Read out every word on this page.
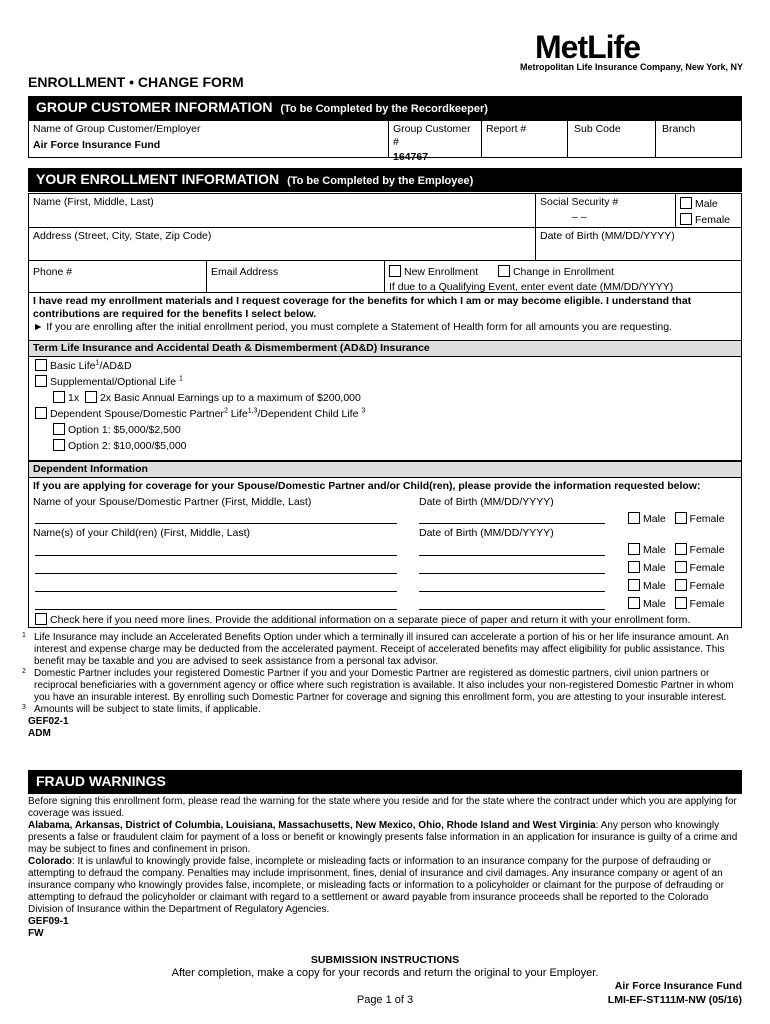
MetLife
Metropolitan Life Insurance Company, New York, NY
ENROLLMENT • CHANGE FORM
GROUP CUSTOMER INFORMATION (To be Completed by the Recordkeeper)
Name of Group Customer/Employer
Air Force Insurance Fund
Group Customer #
164767
Report #	Sub Code	Branch
YOUR ENROLLMENT INFORMATION (To be Completed by the Employee)
Name (First, Middle, Last)	Social Security #
– –
Male
Female
Address (Street, City, State, Zip Code)	Date of Birth (MM/DD/YYYY)
Phone #	Email Address	New Enrollment	Change in Enrollment
If due to a Qualifying Event, enter event date (MM/DD/YYYY)
I have read my enrollment materials and I request coverage for the benefits for which I am or may become eligible. I understand that contributions are required for the benefits I select below.
► If you are enrolling after the initial enrollment period, you must complete a Statement of Health form for all amounts you are requesting.
Term Life Insurance and Accidental Death & Dismemberment (AD&D) Insurance
Basic Life$^1$/AD&D
Supplemental/Optional Life $^1$
1x 2x Basic Annual Earnings up to a maximum of $200,000
Dependent Spouse/Domestic Partner$^2$ Life$^{1,3}$/Dependent Child Life $^3$
Option 1: $5,000/$2,500
Option 2: $10,000/$5,000
Dependent Information
If you are applying for coverage for your Spouse/Domestic Partner and/or Child(ren), please provide the information requested below:
Name of your Spouse/Domestic Partner (First, Middle, Last)	Date of Birth (MM/DD/YYYY)
Male Female
Name(s) of your Child(ren) (First, Middle, Last)	Date of Birth (MM/DD/YYYY)
Male Female
Male Female
Male Female
Male Female
Check here if you need more lines. Provide the additional information on a separate piece of paper and return it with your enrollment form.
1 Life Insurance may include an Accelerated Benefits Option under which a terminally ill insured can accelerate a portion of his or her life insurance amount. An interest and expense charge may be deducted from the accelerated payment. Receipt of accelerated benefits may affect eligibility for public assistance. This benefit may be taxable and you are advised to seek assistance from a personal tax advisor.
2 Domestic Partner includes your registered Domestic Partner if you and your Domestic Partner are registered as domestic partners, civil union partners or reciprocal beneficiaries with a government agency or office where such registration is available. It also includes your non-registered Domestic Partner in whom you have an insurable interest. By enrolling such Domestic Partner for coverage and signing this enrollment form, you are attesting to your insurable interest.
3 Amounts will be subject to state limits, if applicable.
GEF02-1
ADM
FRAUD WARNINGS
Before signing this enrollment form, please read the warning for the state where you reside and for the state where the contract under which you are applying for coverage was issued.
Alabama, Arkansas, District of Columbia, Louisiana, Massachusetts, New Mexico, Ohio, Rhode Island and West Virginia: Any person who knowingly presents a false or fraudulent claim for payment of a loss or benefit or knowingly presents false information in an application for insurance is guilty of a crime and may be subject to fines and confinement in prison.
Colorado: It is unlawful to knowingly provide false, incomplete or misleading facts or information to an insurance company for the purpose of defrauding or attempting to defraud the company. Penalties may include imprisonment, fines, denial of insurance and civil damages. Any insurance company or agent of an insurance company who knowingly provides false, incomplete, or misleading facts or information to a policyholder or claimant for the purpose of defrauding or attempting to defraud the policyholder or claimant with regard to a settlement or award payable from insurance proceeds shall be reported to the Colorado Division of Insurance within the Department of Regulatory Agencies.
GEF09-1
FW
SUBMISSION INSTRUCTIONS
After completion, make a copy for your records and return the original to your Employer.
Air Force Insurance Fund
Page 1 of 3	LMI-EF-ST111M-NW (05/16)
